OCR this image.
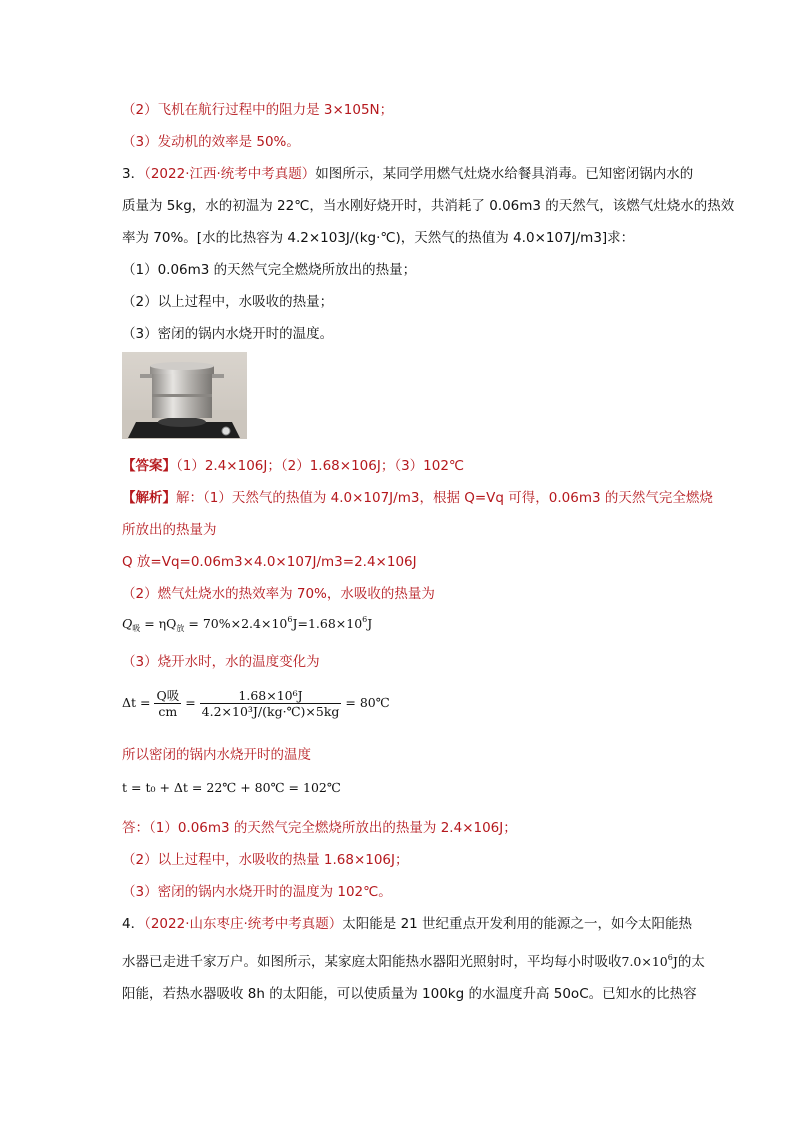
（2）飞机在航行过程中的阻力是 3×105N；
（3）发动机的效率是 50%。
3．（2022·江西·统考中考真题）如图所示，某同学用燃气灶烧水给餐具消毒。已知密闭锅内水的
质量为 5kg，水的初温为 22℃，当水刚好烧开时，共消耗了 0.06m3 的天然气，该燃气灶烧水的热效
率为 70%。[水的比热容为 4.2×103J/(kg·℃)，天然气的热值为 4.0×107J/m3]求：
（1）0.06m3 的天然气完全燃烧所放出的热量；
（2）以上过程中，水吸收的热量；
（3）密闭的锅内水烧开时的温度。
【答案】（1）2.4×106J；（2）1.68×106J；（3）102℃
【解析】解：（1）天然气的热值为 4.0×107J/m3，根据 Q=Vq 可得，0.06m3 的天然气完全燃烧
所放出的热量为
Q 放=Vq=0.06m3×4.0×107J/m3=2.4×106J
（2）燃气灶烧水的热效率为 70%，水吸收的热量为
$Q_吸 = \eta Q_放 = 70\%\times 2.4\times 10^6J=1.68\times 10^6J$
（3）烧开水时，水的温度变化为
$\Delta t = \frac{\text{Q吸}}{cm} = \frac{\text{1.68×10⁶J}}{\text{4.2×10³J/(kg·℃)×5kg}}$ = 80℃
所以密闭的锅内水烧开时的温度
t = t₀ + Δt = 22℃ + 80℃ = 102℃
答：（1）0.06m3 的天然气完全燃烧所放出的热量为 2.4×106J；
（2）以上过程中，水吸收的热量 1.68×106J；
（3）密闭的锅内水烧开时的温度为 102℃。
4．（2022·山东枣庄·统考中考真题）太阳能是 21 世纪重点开发利用的能源之一，如今太阳能热
水器已走进千家万户。如图所示，某家庭太阳能热水器阳光照射时，平均每小时吸收$7.0\times 10^6J$的太
阳能，若热水器吸收 8h 的太阳能，可以使质量为 100kg 的水温度升高 50oC。已知水的比热容
